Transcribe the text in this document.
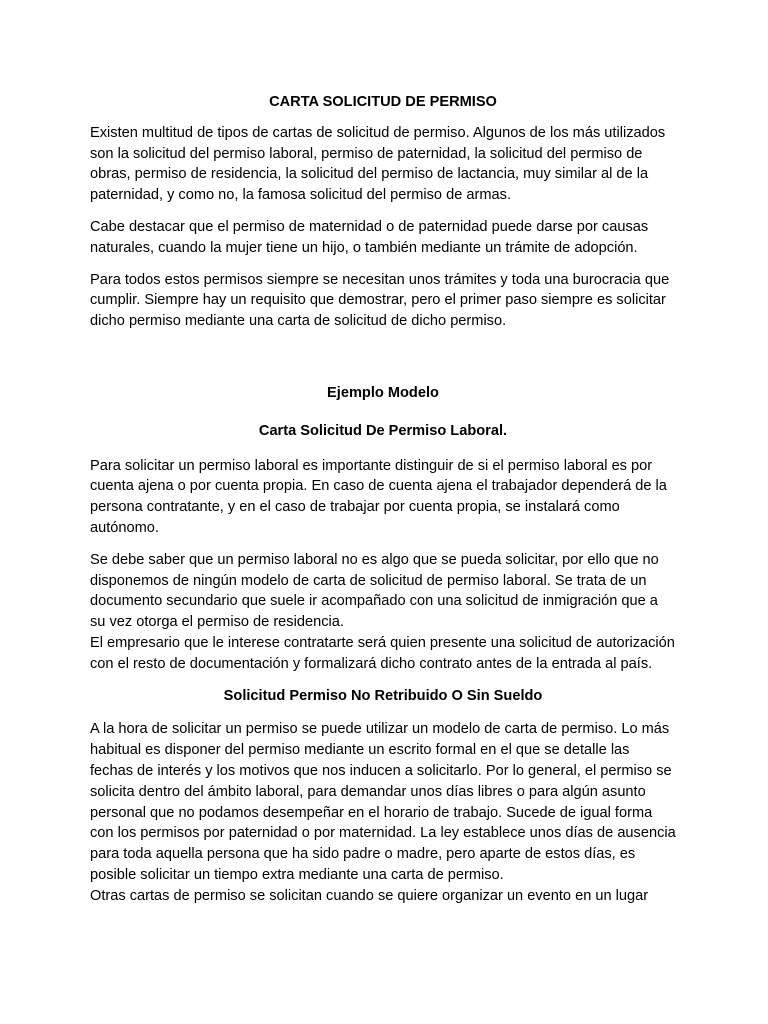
CARTA SOLICITUD DE PERMISO

Existen multitud de tipos de cartas de solicitud de permiso. Algunos de los más utilizados son la solicitud del permiso laboral, permiso de paternidad, la solicitud del permiso de obras, permiso de residencia, la solicitud del permiso de lactancia, muy similar al de la paternidad, y como no, la famosa solicitud del permiso de armas.

Cabe destacar que el permiso de maternidad o de paternidad puede darse por causas naturales, cuando la mujer tiene un hijo, o también mediante un trámite de adopción.

Para todos estos permisos siempre se necesitan unos trámites y toda una burocracia que cumplir. Siempre hay un requisito que demostrar, pero el primer paso siempre es solicitar dicho permiso mediante una carta de solicitud de dicho permiso.

Ejemplo Modelo

Carta Solicitud De Permiso Laboral.

Para solicitar un permiso laboral es importante distinguir de si el permiso laboral es por cuenta ajena o por cuenta propia. En caso de cuenta ajena el trabajador dependerá de la persona contratante, y en el caso de trabajar por cuenta propia, se instalará como autónomo.

Se debe saber que un permiso laboral no es algo que se pueda solicitar, por ello que no disponemos de ningún modelo de carta de solicitud de permiso laboral. Se trata de un documento secundario que suele ir acompañado con una solicitud de inmigración que a su vez otorga el permiso de residencia.

El empresario que le interese contratarte será quien presente una solicitud de autorización con el resto de documentación y formalizará dicho contrato antes de la entrada al país.

Solicitud Permiso No Retribuido O Sin Sueldo

A la hora de solicitar un permiso se puede utilizar un modelo de carta de permiso. Lo más habitual es disponer del permiso mediante un escrito formal en el que se detalle las fechas de interés y los motivos que nos inducen a solicitarlo. Por lo general, el permiso se solicita dentro del ámbito laboral, para demandar unos días libres o para algún asunto personal que no podamos desempeñar en el horario de trabajo. Sucede de igual forma con los permisos por paternidad o por maternidad. La ley establece unos días de ausencia para toda aquella persona que ha sido padre o madre, pero aparte de estos días, es posible solicitar un tiempo extra mediante una carta de permiso.

Otras cartas de permiso se solicitan cuando se quiere organizar un evento en un lugar
